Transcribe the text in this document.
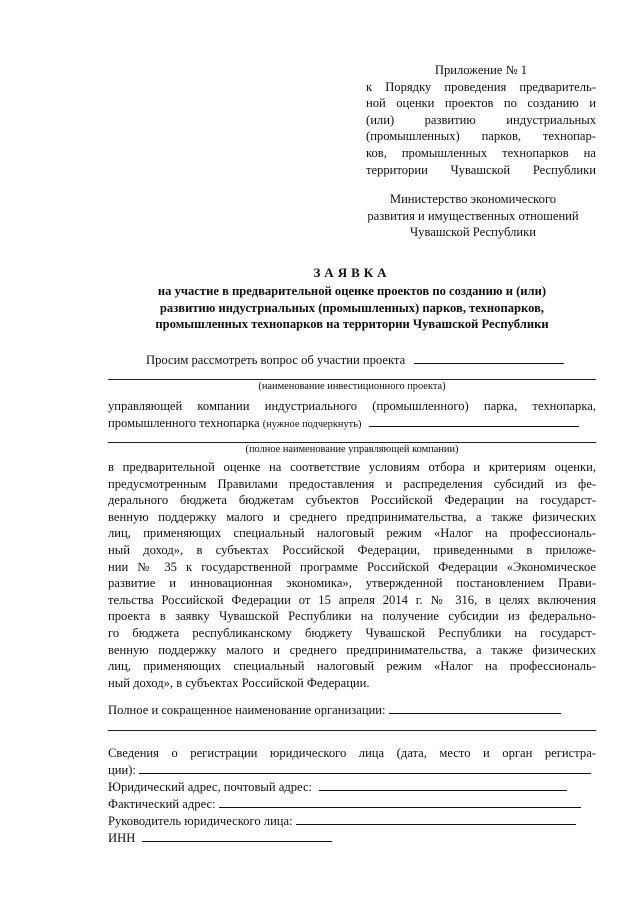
Приложение № 1
к Порядку проведения предваритель-
ной оценки проектов по созданию и
(или) развитию индустриальных
(промышленных) парков, технопар-
ков, промышленных технопарков на
территории Чувашской Республики
Министерство экономического
развития и имущественных отношений
Чувашской Республики
ЗАЯВКА
на участие в предварительной оценке проектов по созданию и (или)
развитию индустриальных (промышленных) парков, технопарков,
промышленных технопарков на территории Чувашской Республики
Просим рассмотреть вопрос об участии проекта
(наименование инвестиционного проекта)
управляющей компании индустриального (промышленного) парка, технопарка,
промышленного технопарка (нужное подчеркнуть)
(полное наименование управляющей компании)
в предварительной оценке на соответствие условиям отбора и критериям оценки,
предусмотренным Правилами предоставления и распределения субсидий из фе-
дерального бюджета бюджетам субъектов Российской Федерации на государст-
венную поддержку малого и среднего предпринимательства, а также физических
лиц, применяющих специальный налоговый режим «Налог на профессиональ-
ный доход», в субъектах Российской Федерации, приведенными в приложе-
нии № 35 к государственной программе Российской Федерации «Экономическое
развитие и инновационная экономика», утвержденной постановлением Прави-
тельства Российской Федерации от 15 апреля 2014 г. № 316, в целях включения
проекта в заявку Чувашской Республики на получение субсидии из федерально-
го бюджета республиканскому бюджету Чувашской Республики на государст-
венную поддержку малого и среднего предпринимательства, а также физических
лиц, применяющих специальный налоговый режим «Налог на профессиональ-
ный доход», в субъектах Российской Федерации.
Полное и сокращенное наименование организации:
Сведения о регистрации юридического лица (дата, место и орган регистра-
ции):
Юридический адрес, почтовый адрес:
Фактический адрес:
Руководитель юридического лица:
ИНН
